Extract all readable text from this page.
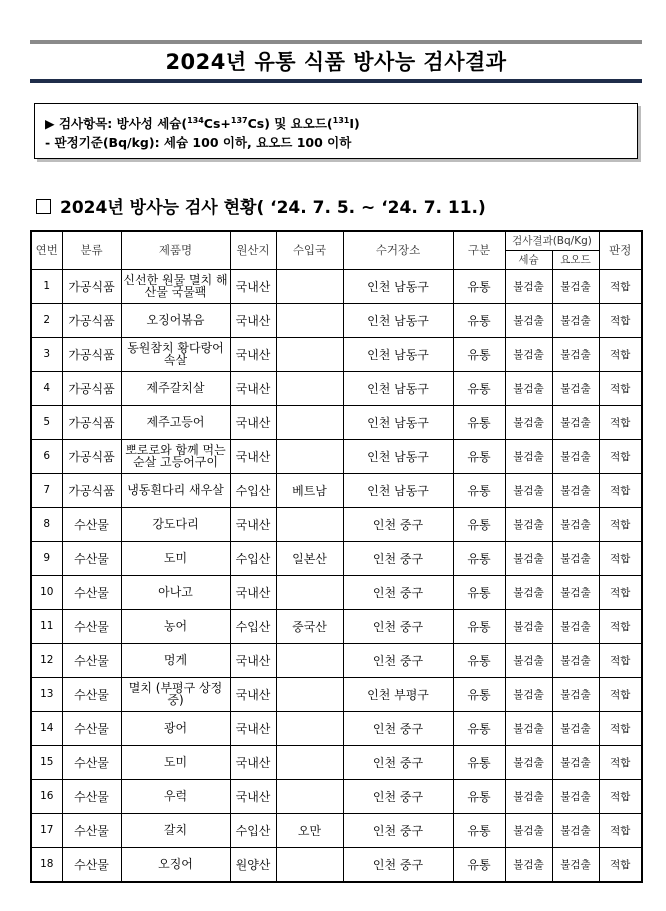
2024년 유통 식품 방사능 검사결과
▶ 검사항목: 방사성 세슘($^{134}$Cs+$^{137}$Cs) 및 요오드($^{131}$I)
- 판정기준(Bq/kg): 세슘 100 이하, 요오드 100 이하
2024년 방사능 검사 현황( ‘24. 7. 5. ~ ‘24. 7. 11.)
연번	분류	제품명	원산지	수입국	수거장소	구분	검사결과(Bq/Kg)		판정
							세슘	요오드	
1	가공식품	신선한 원물 멸치 해산물 국물팩	국내산		인천 남동구	유통	불검출	불검출	적합
2	가공식품	오징어볶음	국내산		인천 남동구	유통	불검출	불검출	적합
3	가공식품	동원참치 황다랑어속살	국내산		인천 남동구	유통	불검출	불검출	적합
4	가공식품	제주갈치살	국내산		인천 남동구	유통	불검출	불검출	적합
5	가공식품	제주고등어	국내산		인천 남동구	유통	불검출	불검출	적합
6	가공식품	뽀로로와 함께 먹는 순살 고등어구이	국내산		인천 남동구	유통	불검출	불검출	적합
7	가공식품	냉동흰다리 새우살	수입산	베트남	인천 남동구	유통	불검출	불검출	적합
8	수산물	강도다리	국내산		인천 중구	유통	불검출	불검출	적합
9	수산물	도미	수입산	일본산	인천 중구	유통	불검출	불검출	적합
10	수산물	아나고	국내산		인천 중구	유통	불검출	불검출	적합
11	수산물	농어	수입산	중국산	인천 중구	유통	불검출	불검출	적합
12	수산물	멍게	국내산		인천 중구	유통	불검출	불검출	적합
13	수산물	멸치 (부평구 상정중)	국내산		인천 부평구	유통	불검출	불검출	적합
14	수산물	광어	국내산		인천 중구	유통	불검출	불검출	적합
15	수산물	도미	국내산		인천 중구	유통	불검출	불검출	적합
16	수산물	우럭	국내산		인천 중구	유통	불검출	불검출	적합
17	수산물	갈치	수입산	오만	인천 중구	유통	불검출	불검출	적합
18	수산물	오징어	원양산		인천 중구	유통	불검출	불검출	적합
